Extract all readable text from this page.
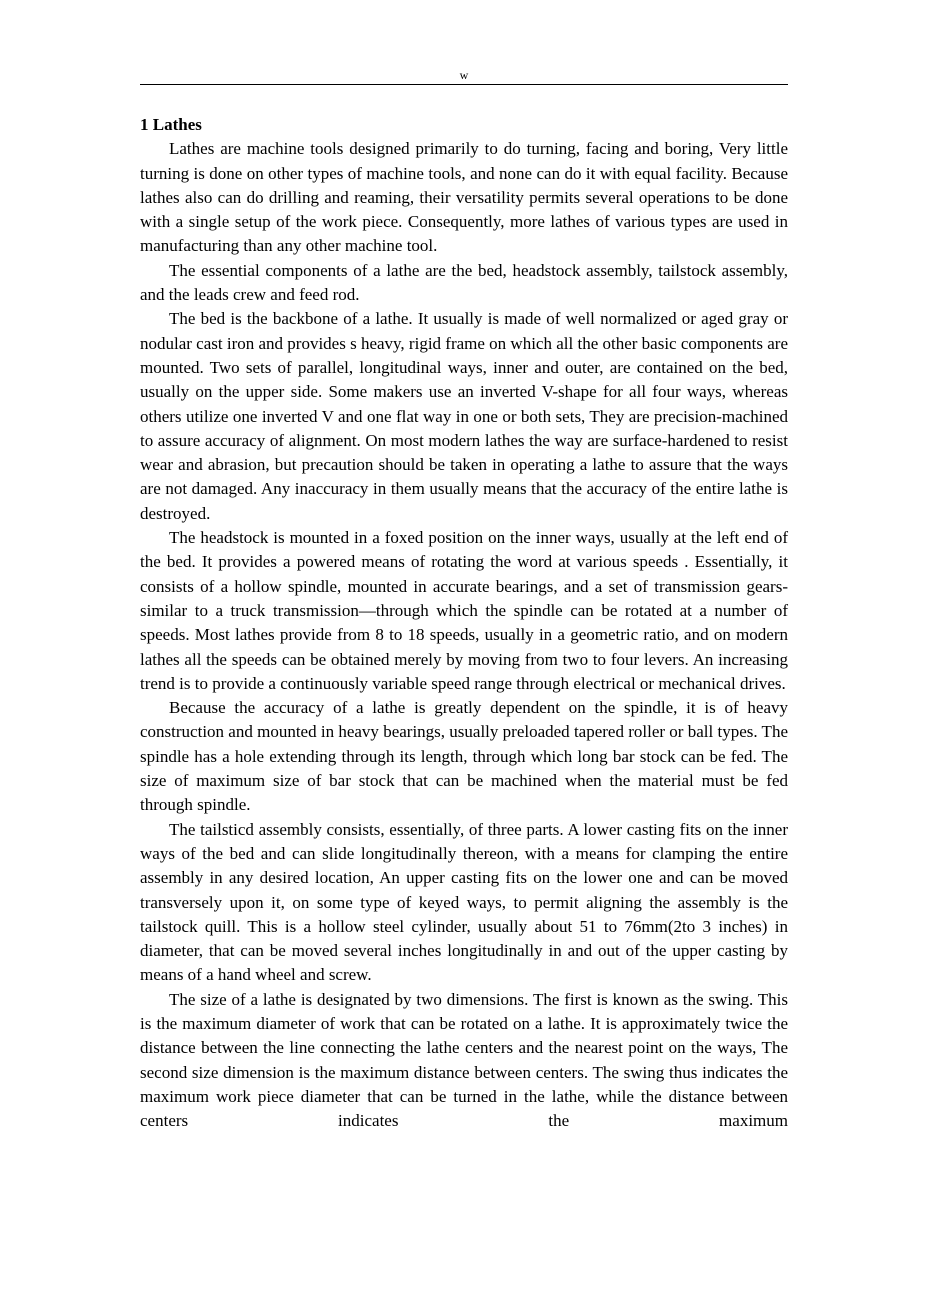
w
1 Lathes

Lathes are machine tools designed primarily to do turning, facing and boring, Very little turning is done on other types of machine tools, and none can do it with equal facility. Because lathes also can do drilling and reaming, their versatility permits several operations to be done with a single setup of the work piece. Consequently, more lathes of various types are used in manufacturing than any other machine tool.

The essential components of a lathe are the bed, headstock assembly, tailstock assembly, and the leads crew and feed rod.

The bed is the backbone of a lathe. It usually is made of well normalized or aged gray or nodular cast iron and provides s heavy, rigid frame on which all the other basic components are mounted. Two sets of parallel, longitudinal ways, inner and outer, are contained on the bed, usually on the upper side. Some makers use an inverted V-shape for all four ways, whereas others utilize one inverted V and one flat way in one or both sets, They are precision-machined to assure accuracy of alignment. On most modern lathes the way are surface-hardened to resist wear and abrasion, but precaution should be taken in operating a lathe to assure that the ways are not damaged. Any inaccuracy in them usually means that the accuracy of the entire lathe is destroyed.

The headstock is mounted in a foxed position on the inner ways, usually at the left end of the bed. It provides a powered means of rotating the word at various speeds . Essentially, it consists of a hollow spindle, mounted in accurate bearings, and a set of transmission gears-similar to a truck transmission—through which the spindle can be rotated at a number of speeds. Most lathes provide from 8 to 18 speeds, usually in a geometric ratio, and on modern lathes all the speeds can be obtained merely by moving from two to four levers. An increasing trend is to provide a continuously variable speed range through electrical or mechanical drives.

Because the accuracy of a lathe is greatly dependent on the spindle, it is of heavy construction and mounted in heavy bearings, usually preloaded tapered roller or ball types. The spindle has a hole extending through its length, through which long bar stock can be fed. The size of maximum size of bar stock that can be machined when the material must be fed through spindle.

The tailsticd assembly consists, essentially, of three parts. A lower casting fits on the inner ways of the bed and can slide longitudinally thereon, with a means for clamping the entire assembly in any desired location, An upper casting fits on the lower one and can be moved transversely upon it, on some type of keyed ways, to permit aligning the assembly is the tailstock quill. This is a hollow steel cylinder, usually about 51 to 76mm(2to 3 inches) in diameter, that can be moved several inches longitudinally in and out of the upper casting by means of a hand wheel and screw.

The size of a lathe is designated by two dimensions. The first is known as the swing. This is the maximum diameter of work that can be rotated on a lathe. It is approximately twice the distance between the line connecting the lathe centers and the nearest point on the ways, The second size dimension is the maximum distance between centers. The swing thus indicates the maximum work piece diameter that can be turned in the lathe, while the distance between centers indicates the maximum
